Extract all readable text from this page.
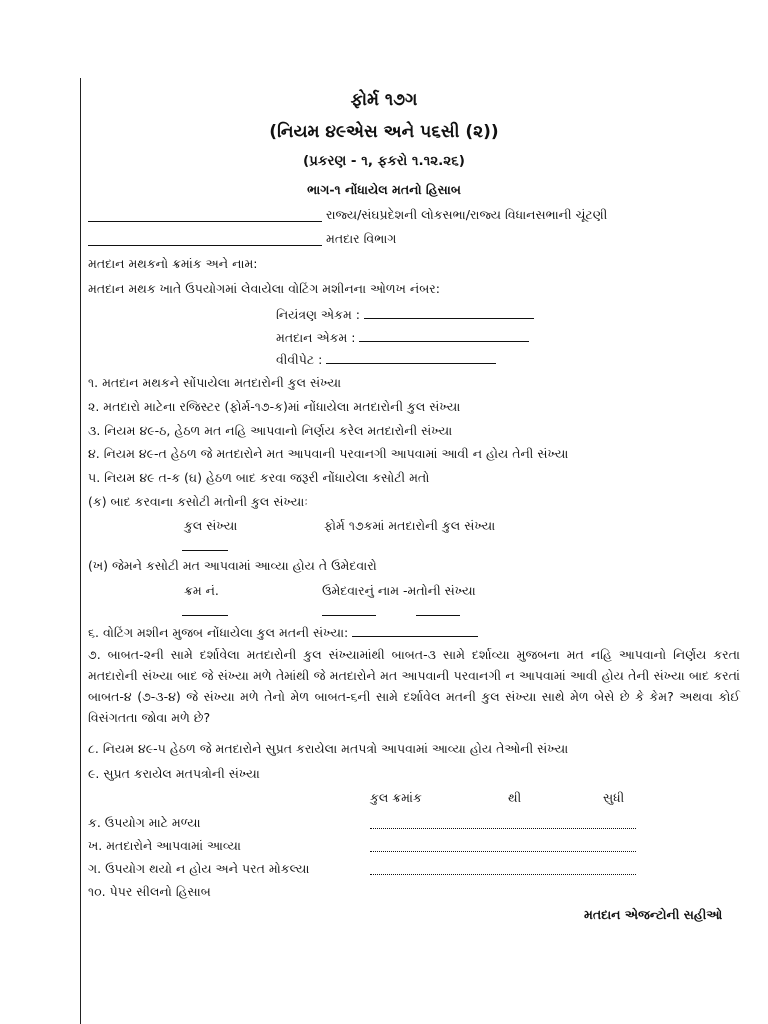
ફોર્મ ૧૭ગ
(નિયમ ૪૯એસ અને ૫૬સી (૨))
(પ્રકરણ - ૧, ફકરો ૧.૧૨.૨૬)
ભાગ-૧ નોંધાયેલ મતનો હિસાબ
રાજ્ય/સંઘપ્રદેશની લોકસભા/રાજ્ય વિધાનસભાની ચૂંટણી
મતદાર વિભાગ
મતદાન મથકનો ક્રમાંક અને નામ:
મતદાન મથક ખાતે ઉપયોગમાં લેવાયેલા વોટિંગ મશીનના ઓળખ નંબર:
નિયંત્રણ એકમ :
મતદાન એકમ :
વીવીપેટ :
૧. મતદાન મથકને સોંપાયેલા મતદારોની કુલ સંખ્યા
૨. મતદારો માટેના રજિસ્ટર (ફોર્મ-૧૭-ક)માં નોંધાયેલા મતદારોની કુલ સંખ્યા
૩. નિયમ ૪૯-ઠ, હેઠળ મત નહિ આપવાનો નિર્ણય કરેલ મતદારોની સંખ્યા
૪. નિયમ ૪૯-ત હેઠળ જે મતદારોને મત આપવાની પરવાનગી આપવામાં આવી ન હોય તેની સંખ્યા
૫. નિયમ ૪૯ ત-ક (ઘ) હેઠળ બાદ કરવા જરૂરી નોંધાયેલા કસોટી મતો
(ક) બાદ કરવાના કસોટી મતોની કુલ સંખ્યાઃ
કુલ સંખ્યા	ફોર્મ ૧૭કમાં મતદારોની કુલ સંખ્યા
(ખ) જેમને કસોટી મત આપવામાં આવ્યા હોય તે ઉમેદવારો
ક્રમ નં.	ઉમેદવારનું નામ -મતોની સંખ્યા
૬. વોટિંગ મશીન મુજબ નોંધાયેલા કુલ મતની સંખ્યા:
૭. બાબત-૨ની સામે દર્શાવેલા મતદારોની કુલ સંખ્યામાંથી બાબત-૩ સામે દર્શાવ્યા મુજબના મત નહિ આપવાનો નિર્ણય કરતા મતદારોની સંખ્યા બાદ જે સંખ્યા મળે તેમાંથી જે મતદારોને મત આપવાની પરવાનગી ન આપવામાં આવી હોય તેની સંખ્યા બાદ કરતાં બાબત-૪ (૭-૩-૪) જે સંખ્યા મળે તેનો મેળ બાબત-૬ની સામે દર્શાવેલ મતની કુલ સંખ્યા સાથે મેળ બેસે છે કે કેમ? અથવા કોઈ વિસંગતતા જોવા મળે છે?
૮. નિયમ ૪૯-૫ હેઠળ જે મતદારોને સુપ્રત કરાયેલા મતપત્રો આપવામાં આવ્યા હોય તેઓની સંખ્યા
૯. સુપ્રત કરાયેલ મતપત્રોની સંખ્યા
કુલ ક્રમાંક	થી	સુધી
ક. ઉપયોગ માટે મળ્યા
ખ. મતદારોને આપવામાં આવ્યા
ગ. ઉપયોગ થયો ન હોય અને પરત મોકલ્યા
૧૦. પેપર સીલનો હિસાબ
મતદાન એજન્ટોની સહીઓ
